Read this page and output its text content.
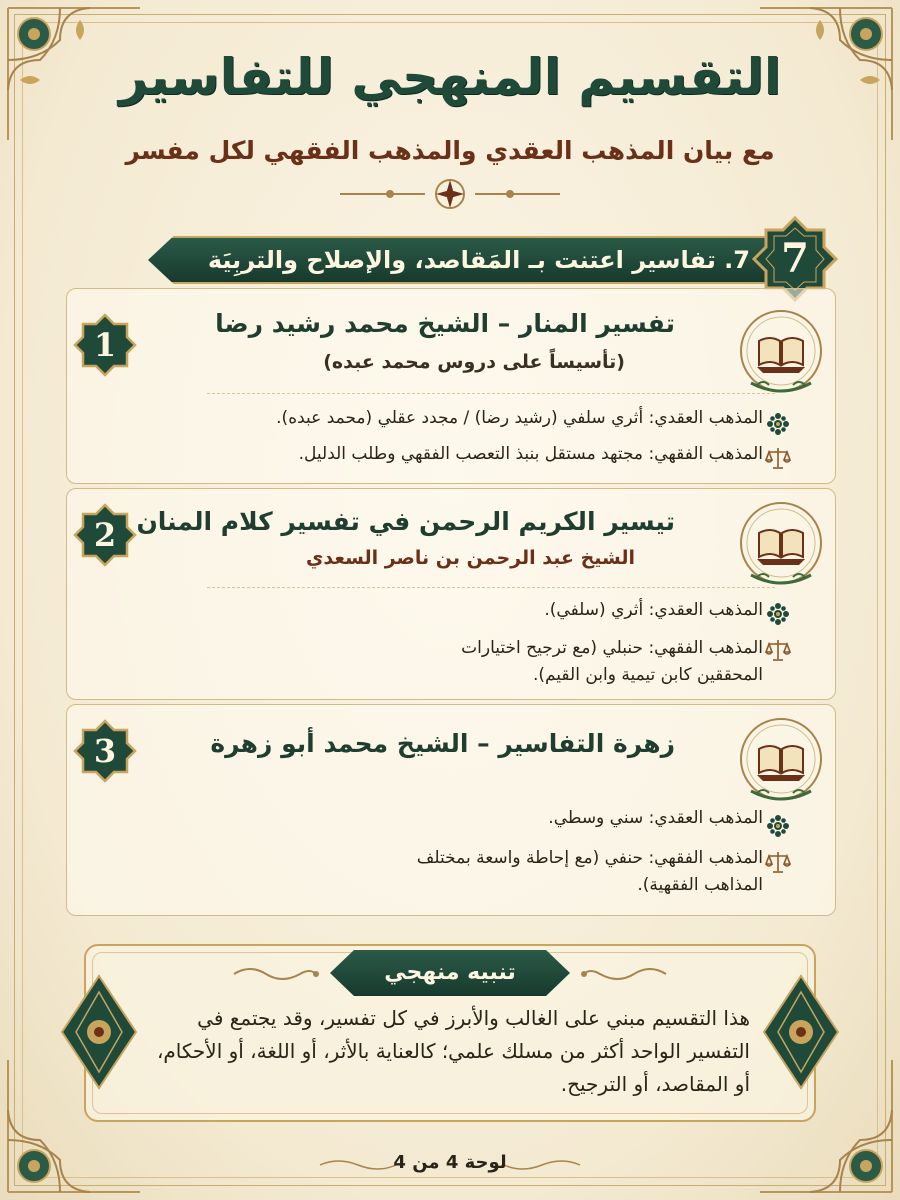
التقسيم المنهجي للتفاسير
مع بيان المذهب العقدي والمذهب الفقهي لكل مفسر
7. تفاسير اعتنت بـ المَقاصد، والإصلاح والتربِيَة 7
1
تفسير المنار – الشيخ محمد رشيد رضا
(تأسيساً على دروس محمد عبده)
المذهب العقدي: أثري سلفي (رشيد رضا) / مجدد عقلي (محمد عبده).
المذهب الفقهي: مجتهد مستقل بنبذ التعصب الفقهي وطلب الدليل.
2 تيسير الكريم الرحمن في تفسير كلام المنان
الشيخ عبد الرحمن بن ناصر السعدي
المذهب العقدي: أثري (سلفي).
المذهب الفقهي: حنبلي (مع ترجيح اختيارات المحققين كابن تيمية وابن القيم).
3	زهرة التفاسير – الشيخ محمد أبو زهرة
المذهب العقدي: سني وسطي.
المذهب الفقهي: حنفي (مع إحاطة واسعة بمختلف المذاهب الفقهية).
تنبيه منهجي
هذا التقسيم مبني على الغالب والأبرز في كل تفسير، وقد يجتمع في التفسير الواحد أكثر من مسلك علمي؛ كالعناية بالأثر، أو اللغة، أو الأحكام، أو المقاصد، أو الترجيح.
لوحة 4 من 4
